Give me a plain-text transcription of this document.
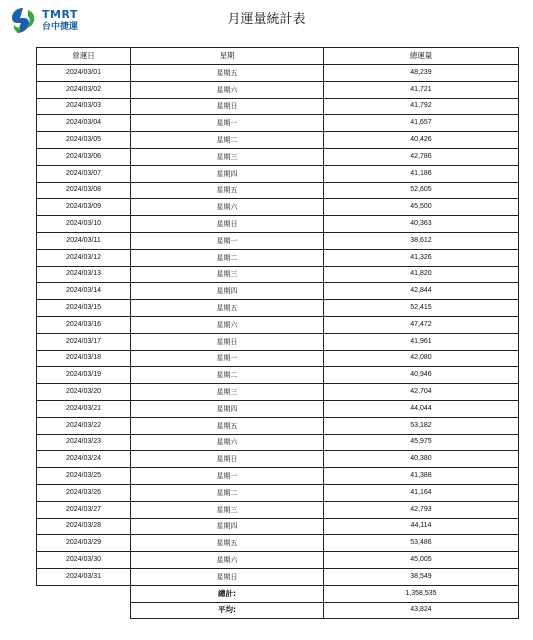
TMRT
台中捷運	月運量統計表
營運日	星期	總運量
2024/03/01	星期五	48,239
2024/03/02	星期六	41,721
2024/03/03	星期日	41,792
2024/03/04	星期一	41,657
2024/03/05	星期二	40,426
2024/03/06	星期三	42,786
2024/03/07	星期四	41,186
2024/03/08	星期五	52,605
2024/03/09	星期六	45,500
2024/03/10	星期日	40,363
2024/03/11	星期一	38,612
2024/03/12	星期二	41,326
2024/03/13	星期三	41,820
2024/03/14	星期四	42,844
2024/03/15	星期五	52,415
2024/03/16	星期六	47,472
2024/03/17	星期日	41,961
2024/03/18	星期一	42,080
2024/03/19	星期二	40,946
2024/03/20	星期三	42,704
2024/03/21	星期四	44,044
2024/03/22	星期五	53,182
2024/03/23	星期六	45,975
2024/03/24	星期日	40,380
2024/03/25	星期一	41,388
2024/03/26	星期二	41,164
2024/03/27	星期三	42,793
2024/03/28	星期四	44,114
2024/03/29	星期五	53,486
2024/03/30	星期六	45,005
2024/03/31	星期日	38,549
	總計:	1,358,535
	平均:	43,824
